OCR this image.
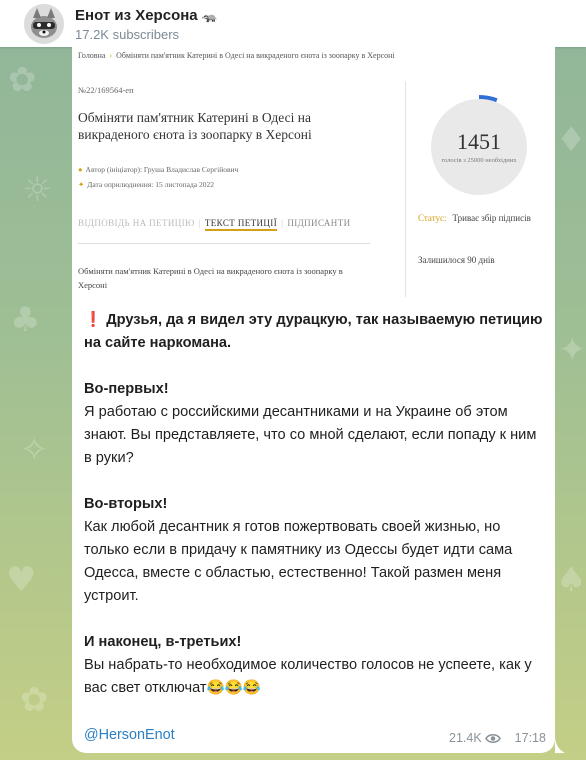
✿
☼
♣
✧
♥
✿
♦
✦
♠
Енот из Херсона 🦡
17.2K subscribers
Головна › Обміняти пам'ятник Катерині в Одесі на викраденого єнота із зоопарку в Херсоні
№22/169564-еп
Обміняти пам'ятник Катерині в Одесі на викраденого єнота із зоопарку в Херсоні
● Автор (ініціатор): Груша Владислав Сергійович
✦ Дата оприлюднення: 15 листопада 2022
ВІДПОВІДЬ НА ПЕТИЦІЮ | ТЕКСТ ПЕТИЦІЇ | ПІДПИСАНТИ
Обміняти пам'ятник Катерині в Одесі на викраденого єнота із зоопарку в Херсоні
1451
голосів з 25000 необхідних
Статус: Триває збір підписів
Залишилося 90 днів

❗ Друзья, да я видел эту дурацкую, так называемую петицию на сайте наркомана.

Во-первых!
Я работаю с российскими десантниками и на Украине об этом знают. Вы представляете, что со мной сделают, если попаду к ним в руки?

Во-вторых!
Как любой десантник я готов пожертвовать своей жизнью, но только если в придачу к памятнику из Одессы будет идти сама Одесса, вместе с областью, естественно! Такой размен меня устроит.

И наконец, в-третьих!
Вы набрать-то необходимое количество голосов не успеете, как у вас свет отключат😂😂😂

@HersonEnot	21.4K	17:18
